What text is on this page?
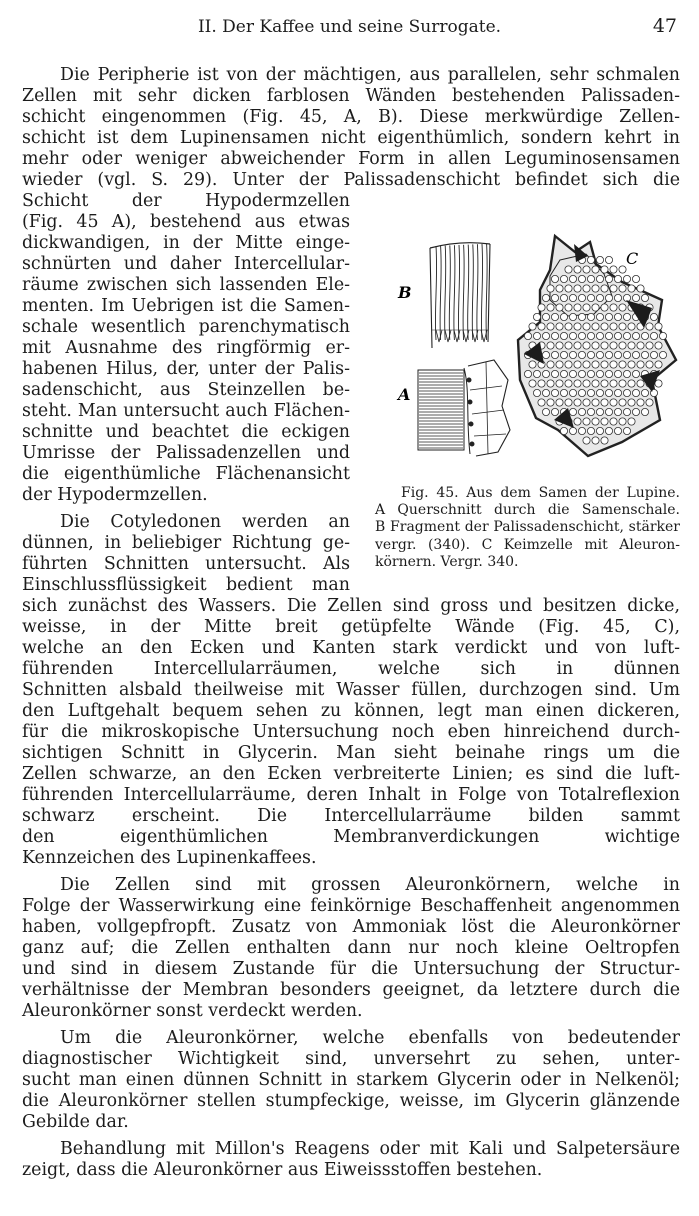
II. Der Kaffee und seine Surrogate.	47
Die Peripherie ist von der mächtigen, aus parallelen, sehr schmalen
Zellen mit sehr dicken farblosen Wänden bestehenden Palissaden-
schicht eingenommen (Fig. 45, A, B). Diese merkwürdige Zellen-
schicht ist dem Lupinensamen nicht eigenthümlich, sondern kehrt in
mehr oder weniger abweichender Form in allen Leguminosensamen
wieder (vgl. S. 29). Unter der Palissadenschicht befindet sich die
Schicht der Hypodermzellen
(Fig. 45 A), bestehend aus etwas
dickwandigen, in der Mitte einge-
schnürten und daher Intercellular-
räume zwischen sich lassenden Ele-
menten. Im Uebrigen ist die Samen-
schale wesentlich parenchymatisch
mit Ausnahme des ringförmig er-
habenen Hilus, der, unter der Palis-
sadenschicht, aus Steinzellen be-
steht. Man untersucht auch Flächen-
schnitte und beachtet die eckigen
Umrisse der Palissadenzellen und
die eigenthümliche Flächenansicht
der Hypodermzellen.
Die Cotyledonen werden an
dünnen, in beliebiger Richtung ge-
führten Schnitten untersucht. Als
Einschlussflüssigkeit bedient man
sich zunächst des Wassers. Die Zellen sind gross und besitzen dicke,
weisse, in der Mitte breit getüpfelte Wände (Fig. 45, C),
welche an den Ecken und Kanten stark verdickt und von luft-
führenden Intercellularräumen, welche sich in dünnen
Schnitten alsbald theilweise mit Wasser füllen, durchzogen sind. Um
den Luftgehalt bequem sehen zu können, legt man einen dickeren,
für die mikroskopische Untersuchung noch eben hinreichend durch-
sichtigen Schnitt in Glycerin. Man sieht beinahe rings um die
Zellen schwarze, an den Ecken verbreiterte Linien; es sind die luft-
führenden Intercellularräume, deren Inhalt in Folge von Totalreflexion
schwarz erscheint. Die Intercellularräume bilden sammt
den eigenthümlichen Membranverdickungen wichtige
Kennzeichen des Lupinenkaffees.
Die Zellen sind mit grossen Aleuronkörnern, welche in
Folge der Wasserwirkung eine feinkörnige Beschaffenheit angenommen
haben, vollgepfropft. Zusatz von Ammoniak löst die Aleuronkörner
ganz auf; die Zellen enthalten dann nur noch kleine Oeltropfen
und sind in diesem Zustande für die Untersuchung der Structur-
verhältnisse der Membran besonders geeignet, da letztere durch die
Aleuronkörner sonst verdeckt werden.
Um die Aleuronkörner, welche ebenfalls von bedeutender
diagnostischer Wichtigkeit sind, unversehrt zu sehen, unter-
sucht man einen dünnen Schnitt in starkem Glycerin oder in Nelkenöl;
die Aleuronkörner stellen stumpfeckige, weisse, im Glycerin glänzende
Gebilde dar.
Behandlung mit Millon's Reagens oder mit Kali und Salpetersäure
zeigt, dass die Aleuronkörner aus Eiweissstoffen bestehen.
B
A
C
Fig. 45. Aus dem Samen der Lupine.
A Querschnitt durch die Samenschale.
B Fragment der Palissadenschicht, stärker
vergr. (340). C Keimzelle mit Aleuron-
körnern. Vergr. 340.
